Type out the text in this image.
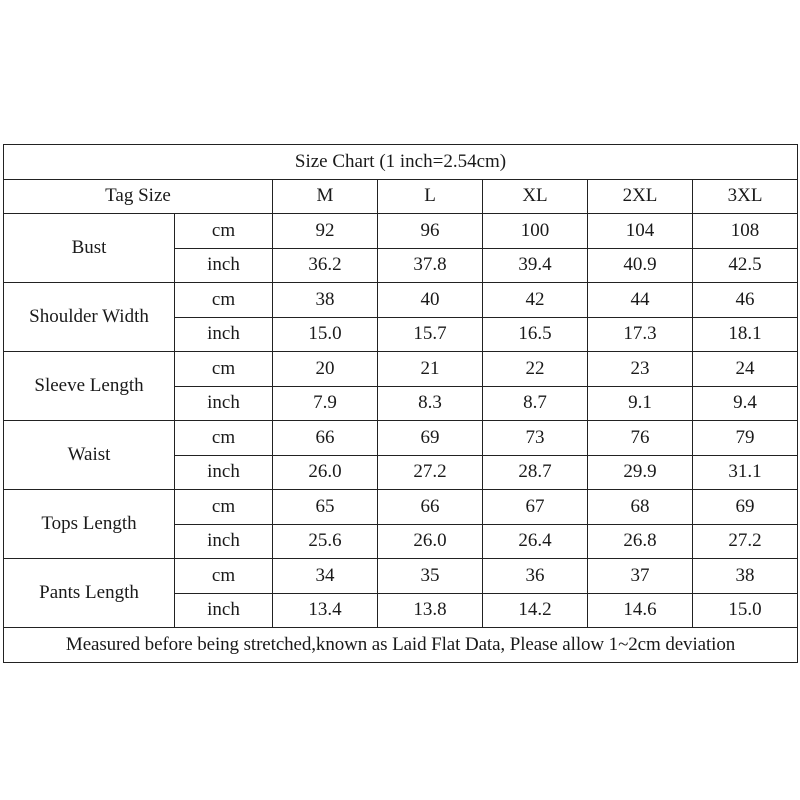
Size Chart (1 inch=2.54cm)						
Tag Size		M	L	XL	2XL	3XL
Bust	cm	92	96	100	104	108
	inch	36.2	37.8	39.4	40.9	42.5
Shoulder Width	cm	38	40	42	44	46
	inch	15.0	15.7	16.5	17.3	18.1
Sleeve Length	cm	20	21	22	23	24
	inch	7.9	8.3	8.7	9.1	9.4
Waist	cm	66	69	73	76	79
	inch	26.0	27.2	28.7	29.9	31.1
Tops Length	cm	65	66	67	68	69
	inch	25.6	26.0	26.4	26.8	27.2
Pants Length	cm	34	35	36	37	38
	inch	13.4	13.8	14.2	14.6	15.0
Measured before being stretched,known as Laid Flat Data, Please allow 1~2cm deviation						
